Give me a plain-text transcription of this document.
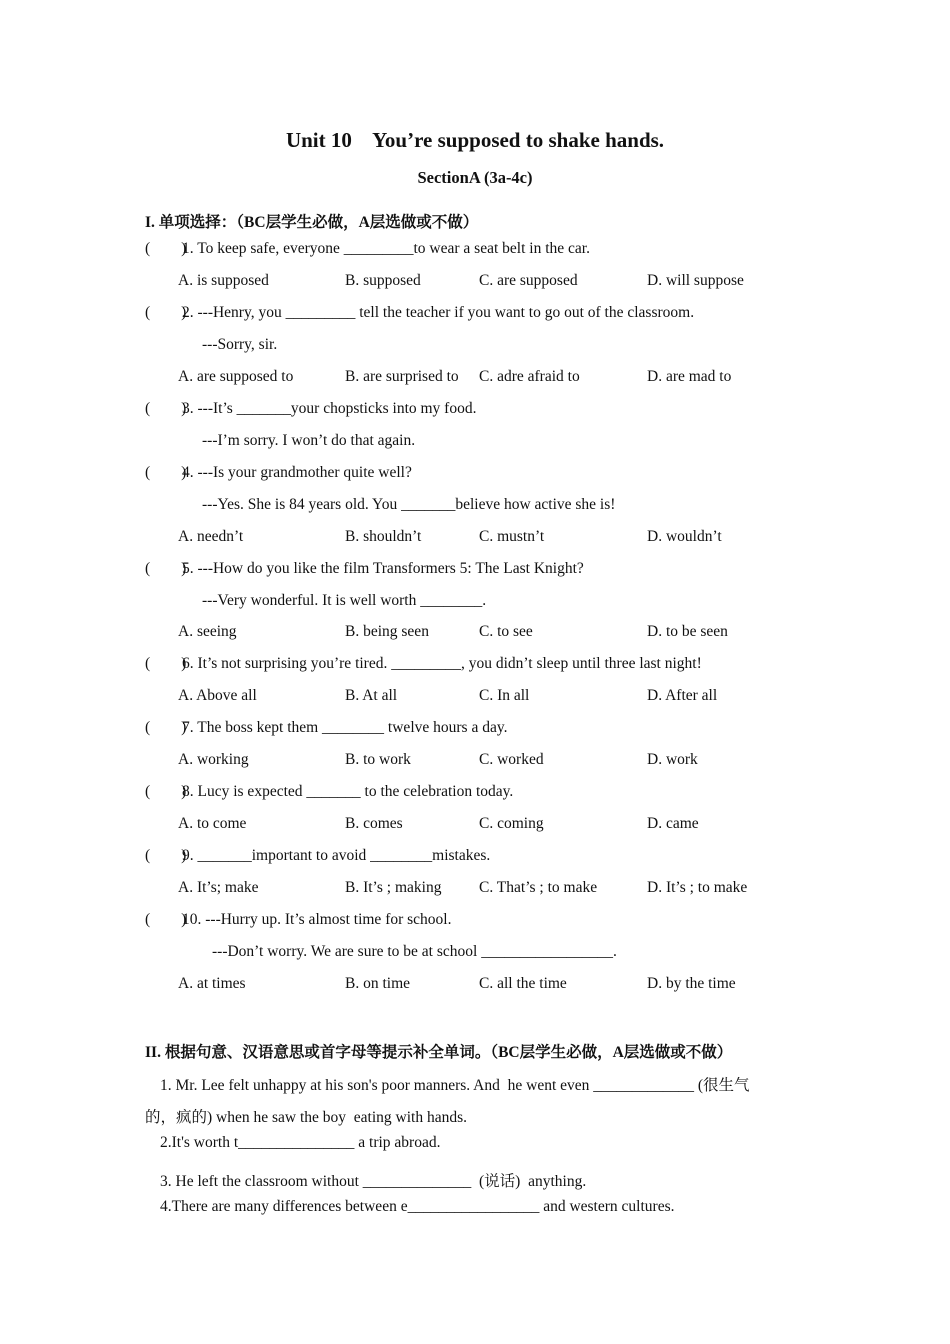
Unit 10    You’re supposed to shake hands.
SectionA (3a-4c)
I. 单项选择：（BC层学生必做，A层选做或不做）
(        )
1. To keep safe, everyone _________to wear a seat belt in the car.
A. is supposed	B. supposed	C. are supposed	D. will suppose
(        )
2. ---Henry, you _________ tell the teacher if you want to go out of the classroom.
---Sorry, sir.
A. are supposed to	B. are surprised to C. adre afraid to	D. are mad to
(        )
3. ---It’s _______your chopsticks into my food.
---I’m sorry. I won’t do that again.
(        )
4. ---Is your grandmother quite well?
---Yes. She is 84 years old. You _______believe how active she is!
A. needn’t	B. shouldn’t	C. mustn’t	D. wouldn’t
(        )
5. ---How do you like the film Transformers 5: The Last Knight?
---Very wonderful. It is well worth ________.
A. seeing	B. being seen	C. to see	D. to be seen
(        )
6. It’s not surprising you’re tired. _________, you didn’t sleep until three last night!
A. Above all	B. At all	C. In all	D. After all
(        )
7. The boss kept them ________ twelve hours a day.
A. working	B. to work	C. worked	D. work
(        )
8. Lucy is expected _______ to the celebration today.
A. to come	B. comes	C. coming	D. came
(        )
9. _______important to avoid ________mistakes.
A. It’s; make	B. It’s ; making C. That’s ; to make	D. It’s ; to make
(        )
10. ---Hurry up. It’s almost time for school.
---Don’t worry. We are sure to be at school _________________.
A. at times	B. on time	C. all the time	D. by the time
II. 根据句意、汉语意思或首字母等提示补全单词。（BC层学生必做，A层选做或不做）
1. Mr. Lee felt unhappy at his son's poor manners. And  he went even _____________ (很生气
的，疯的) when he saw the boy  eating with hands.
2.It's worth t_______________ a trip abroad.
3. He left the classroom without ______________  (说话)  anything.
4.There are many differences between e_________________ and western cultures.
